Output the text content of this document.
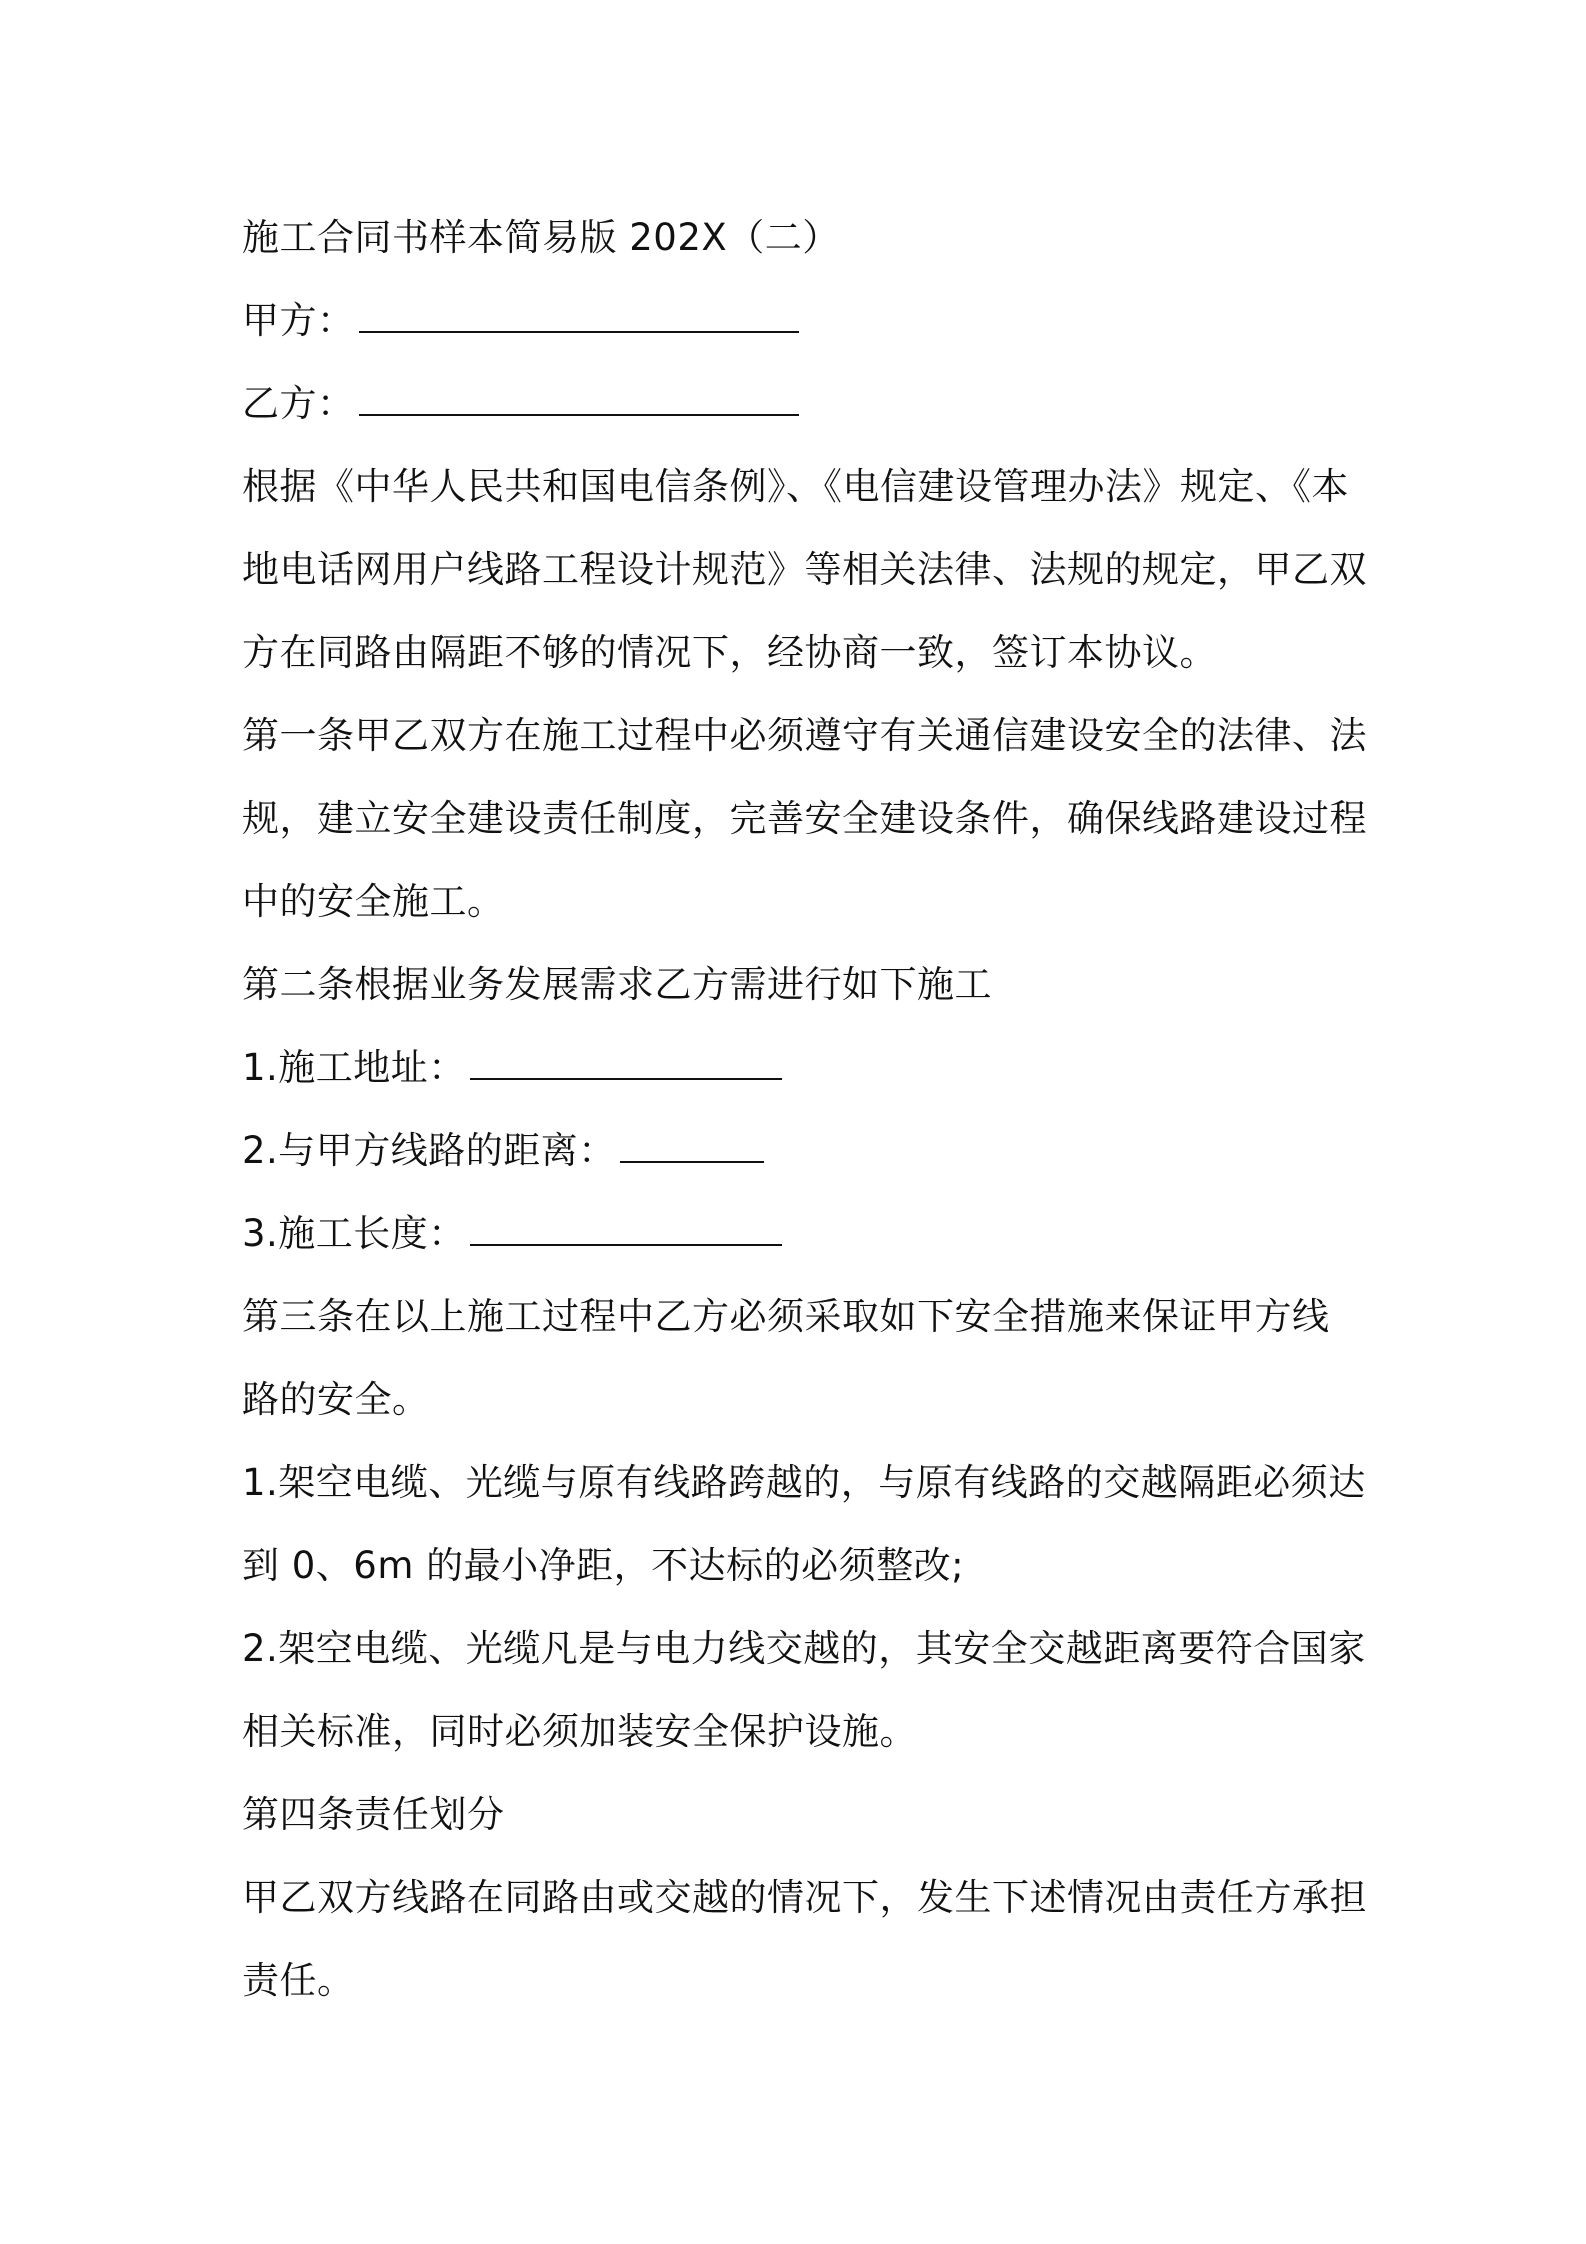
施工合同书样本简易版 202X（二）
甲方：
乙方：
根据《中华人民共和国电信条例》、《电信建设管理办法》规定、《本
地电话网用户线路工程设计规范》等相关法律、法规的规定，甲乙双
方在同路由隔距不够的情况下，经协商一致，签订本协议。
第一条甲乙双方在施工过程中必须遵守有关通信建设安全的法律、法
规，建立安全建设责任制度，完善安全建设条件，确保线路建设过程
中的安全施工。
第二条根据业务发展需求乙方需进行如下施工
1.施工地址：
2.与甲方线路的距离：
3.施工长度：
第三条在以上施工过程中乙方必须采取如下安全措施来保证甲方线
路的安全。
1.架空电缆、光缆与原有线路跨越的，与原有线路的交越隔距必须达
到 0、6m 的最小净距，不达标的必须整改;
2.架空电缆、光缆凡是与电力线交越的，其安全交越距离要符合国家
相关标准，同时必须加装安全保护设施。
第四条责任划分
甲乙双方线路在同路由或交越的情况下，发生下述情况由责任方承担
责任。
